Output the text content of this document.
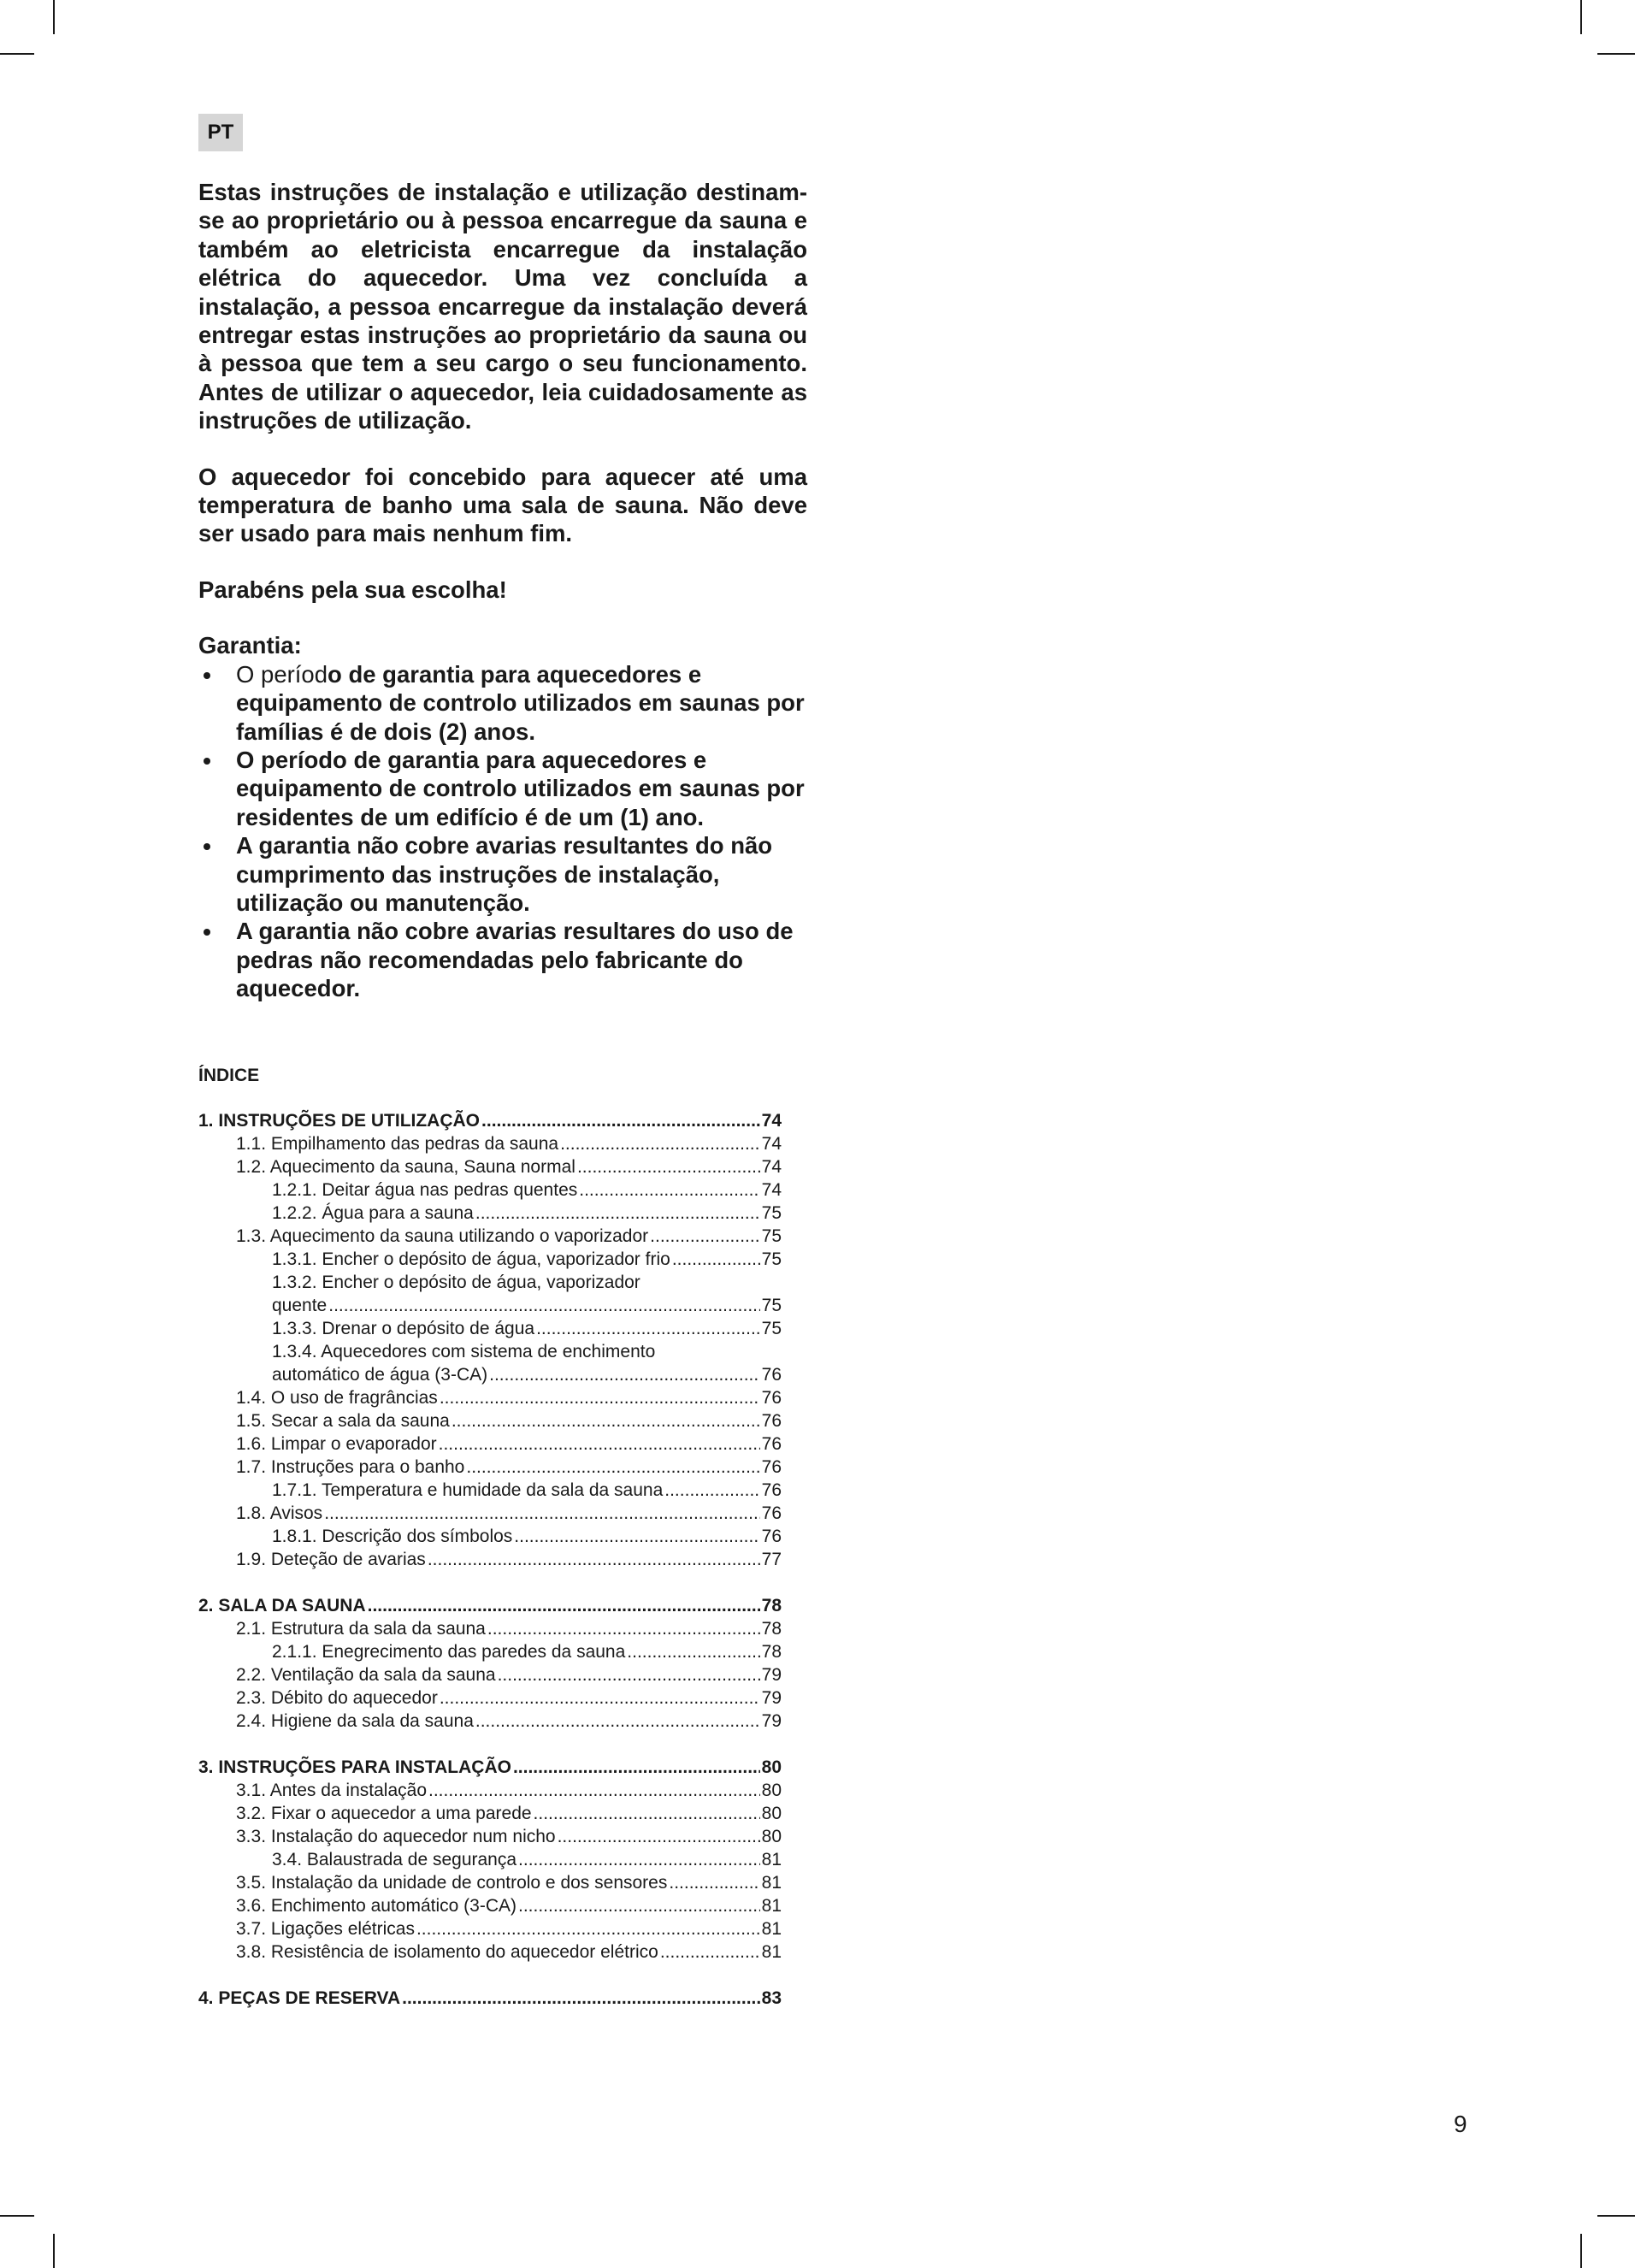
PT

Estas instruções de instalação e utilização destinam-se ao proprietário ou à pessoa encarregue da sauna e também ao eletricista encarregue da instalação elétrica do aquecedor. Uma vez concluída a instalação, a pessoa encarregue da instalação deverá entregar estas instruções ao proprietário da sauna ou à pessoa que tem a seu cargo o seu funcionamento. Antes de utilizar o aquecedor, leia cuidadosamente as instruções de utilização.

O aquecedor foi concebido para aquecer até uma temperatura de banho uma sala de sauna. Não deve ser usado para mais nenhum fim.

Parabéns pela sua escolha!

Garantia:

O período de garantia para aquecedores e equipamento de controlo utilizados em saunas por famílias é de dois (2) anos.
O período de garantia para aquecedores e equipamento de controlo utilizados em saunas por residentes de um edifício é de um (1) ano.
A garantia não cobre avarias resultantes do não cumprimento das instruções de instalação, utilização ou manutenção.
A garantia não cobre avarias resultares do uso de pedras não recomendadas pelo fabricante do aquecedor.
ÍNDICE
1. INSTRUÇÕES DE UTILIZAÇÃO .....	74
1.1. Empilhamento das pedras da sauna .....	74
1.2. Aquecimento da sauna, Sauna normal .....	74
1.2.1. Deitar água nas pedras quentes .....	74
1.2.2. Água para a sauna .....	75
1.3. Aquecimento da sauna utilizando o vaporizador .....	75
1.3.1. Encher o depósito de água, vaporizador frio .....	75
1.3.2. Encher o depósito de água, vaporizador
quente .....	75
1.3.3. Drenar o depósito de água .....	75
1.3.4. Aquecedores com sistema de enchimento
automático de água (3-CA) .....	76
1.4. O uso de fragrâncias .....	76
1.5. Secar a sala da sauna .....	76
1.6. Limpar o evaporador .....	76
1.7. Instruções para o banho .....	76
1.7.1. Temperatura e humidade da sala da sauna .....	76
1.8. Avisos .....	76
1.8.1. Descrição dos símbolos .....	76
1.9. Deteção de avarias .....	77
2. SALA DA SAUNA .....	78
2.1. Estrutura da sala da sauna .....	78
2.1.1. Enegrecimento das paredes da sauna .....	78
2.2. Ventilação da sala da sauna .....	79
2.3. Débito do aquecedor .....	79
2.4. Higiene da sala da sauna .....	79
3. INSTRUÇÕES PARA INSTALAÇÃO .....	80
3.1. Antes da instalação .....	80
3.2. Fixar o aquecedor a uma parede .....	80
3.3. Instalação do aquecedor num nicho .....	80
3.4. Balaustrada de segurança .....	81
3.5. Instalação da unidade de controlo e dos sensores .....	81
3.6. Enchimento automático (3-CA) .....	81
3.7. Ligações elétricas .....	81
3.8. Resistência de isolamento do aquecedor elétrico .....	81
4. PEÇAS DE RESERVA .....	83
9
